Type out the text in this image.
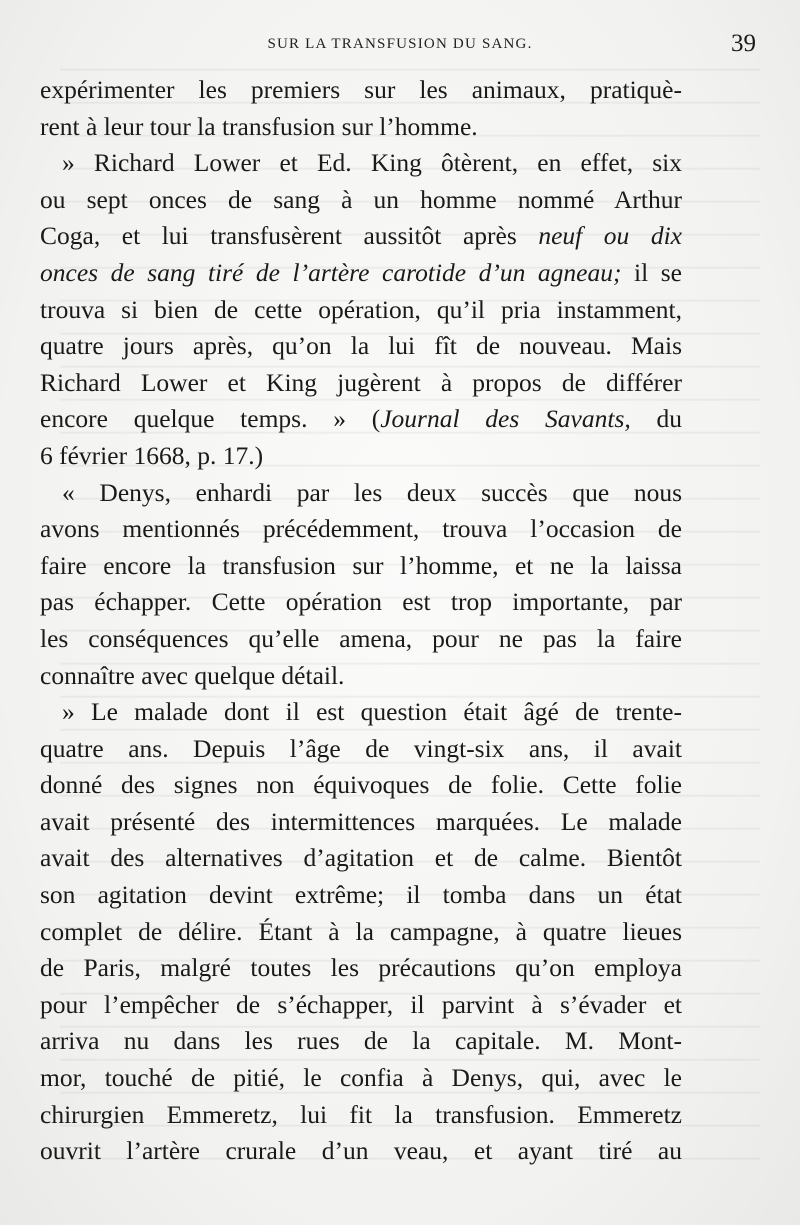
SUR LA TRANSFUSION DU SANG.	39
expérimenter les premiers sur les animaux, pratiquè-
rent à leur tour la transfusion sur l’homme.
» Richard Lower et Ed. King ôtèrent, en effet, six
ou sept onces de sang à un homme nommé Arthur
Coga, et lui transfusèrent aussitôt après neuf ou dix
onces de sang tiré de l’artère carotide d’un agneau; il se
trouva si bien de cette opération, qu’il pria instamment,
quatre jours après, qu’on la lui fît de nouveau. Mais
Richard Lower et King jugèrent à propos de différer
encore quelque temps. » (Journal des Savants, du
6 février 1668, p. 17.)
« Denys, enhardi par les deux succès que nous
avons mentionnés précédemment, trouva l’occasion de
faire encore la transfusion sur l’homme, et ne la laissa
pas échapper. Cette opération est trop importante, par
les conséquences qu’elle amena, pour ne pas la faire
connaître avec quelque détail.
» Le malade dont il est question était âgé de trente-
quatre ans. Depuis l’âge de vingt-six ans, il avait
donné des signes non équivoques de folie. Cette folie
avait présenté des intermittences marquées. Le malade
avait des alternatives d’agitation et de calme. Bientôt
son agitation devint extrême; il tomba dans un état
complet de délire. Étant à la campagne, à quatre lieues
de Paris, malgré toutes les précautions qu’on employa
pour l’empêcher de s’échapper, il parvint à s’évader et
arriva nu dans les rues de la capitale. M. Mont-
mor, touché de pitié, le confia à Denys, qui, avec le
chirurgien Emmeretz, lui fit la transfusion. Emmeretz
ouvrit l’artère crurale d’un veau, et ayant tiré au
